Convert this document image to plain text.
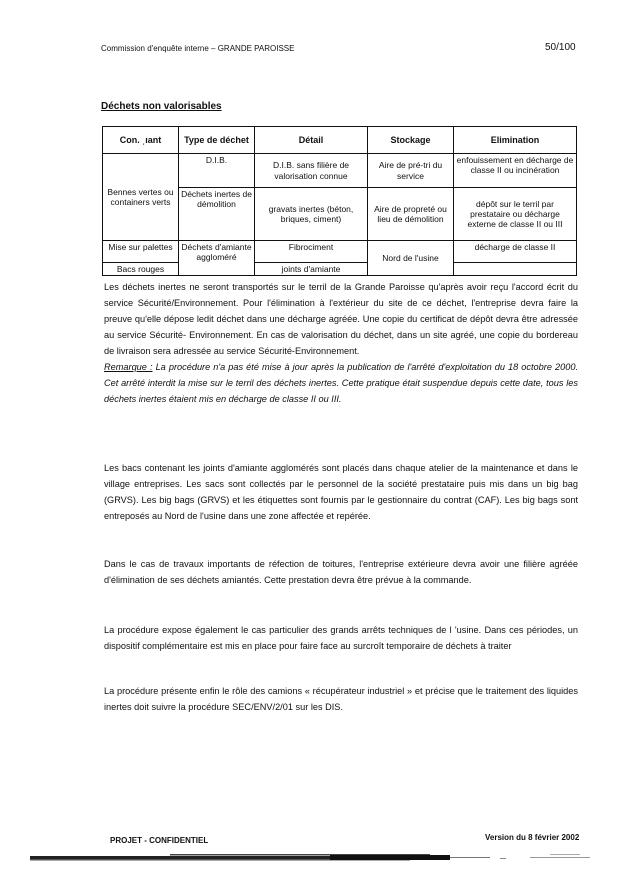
Commission d'enquête interne – GRANDE PAROISSE	50/100
Déchets non valorisables
Con. ˌıant	Type de déchet	Détail	Stockage	Elimination
Bennes vertes ou containers verts	D.I.B.	D.I.B. sans filière de valorisation connue	Aire de pré-tri du service	enfouissement en décharge de classe II ou incinération
	Déchets inertes de démolition	gravats inertes (béton, briques, ciment)	Aire de propreté ou lieu de démolition	dépôt sur le terril par prestataire ou décharge externe de classe II ou III
Mise sur palettes	Déchets d'amiante aggloméré	Fibrociment	Nord de l'usine	décharge de classe II
Bacs rouges		joints d'amiante		
Les déchets inertes ne seront transportés sur le terril de la Grande Paroisse qu'après avoir reçu l'accord écrit du service Sécurité/Environnement. Pour l'élimination à l'extérieur du site de ce déchet, l'entreprise devra faire la preuve qu'elle dépose ledit déchet dans une décharge agréée. Une copie du certificat de dépôt devra être adressée au service Sécurité- Environnement. En cas de valorisation du déchet, dans un site agréé, une copie du bordereau de livraison sera adressée au service Sécurité-Environnement.
Remarque : La procédure n'a pas été mise à jour après la publication de l'arrêté d'exploitation du 18 octobre 2000. Cet arrêté interdit la mise sur le terril des déchets inertes. Cette pratique était suspendue depuis cette date, tous les déchets inertes étaient mis en décharge de classe II ou III.
Les bacs contenant les joints d'amiante agglomérés sont placés dans chaque atelier de la maintenance et dans le village entreprises. Les sacs sont collectés par le personnel de la société prestataire puis mis dans un big bag (GRVS). Les big bags (GRVS) et les étiquettes sont fournis par le gestionnaire du contrat (CAF). Les big bags sont entreposés au Nord de l'usine dans une zone affectée et repérée.
Dans le cas de travaux importants de réfection de toitures, l'entreprise extérieure devra avoir une filière agréée d'élimination de ses déchets amiantés. Cette prestation devra être prévue à la commande.
La procédure expose également le cas particulier des grands arrêts techniques de l 'usine. Dans ces périodes, un dispositif complémentaire est mis en place pour faire face au surcroît temporaire de déchets à traiter
La procédure présente enfin le rôle des camions « récupérateur industriel » et précise que le traitement des liquides inertes doit suivre la procédure SEC/ENV/2/01 sur les DIS.
PROJET - CONFIDENTIEL	Version du 8 février 2002
